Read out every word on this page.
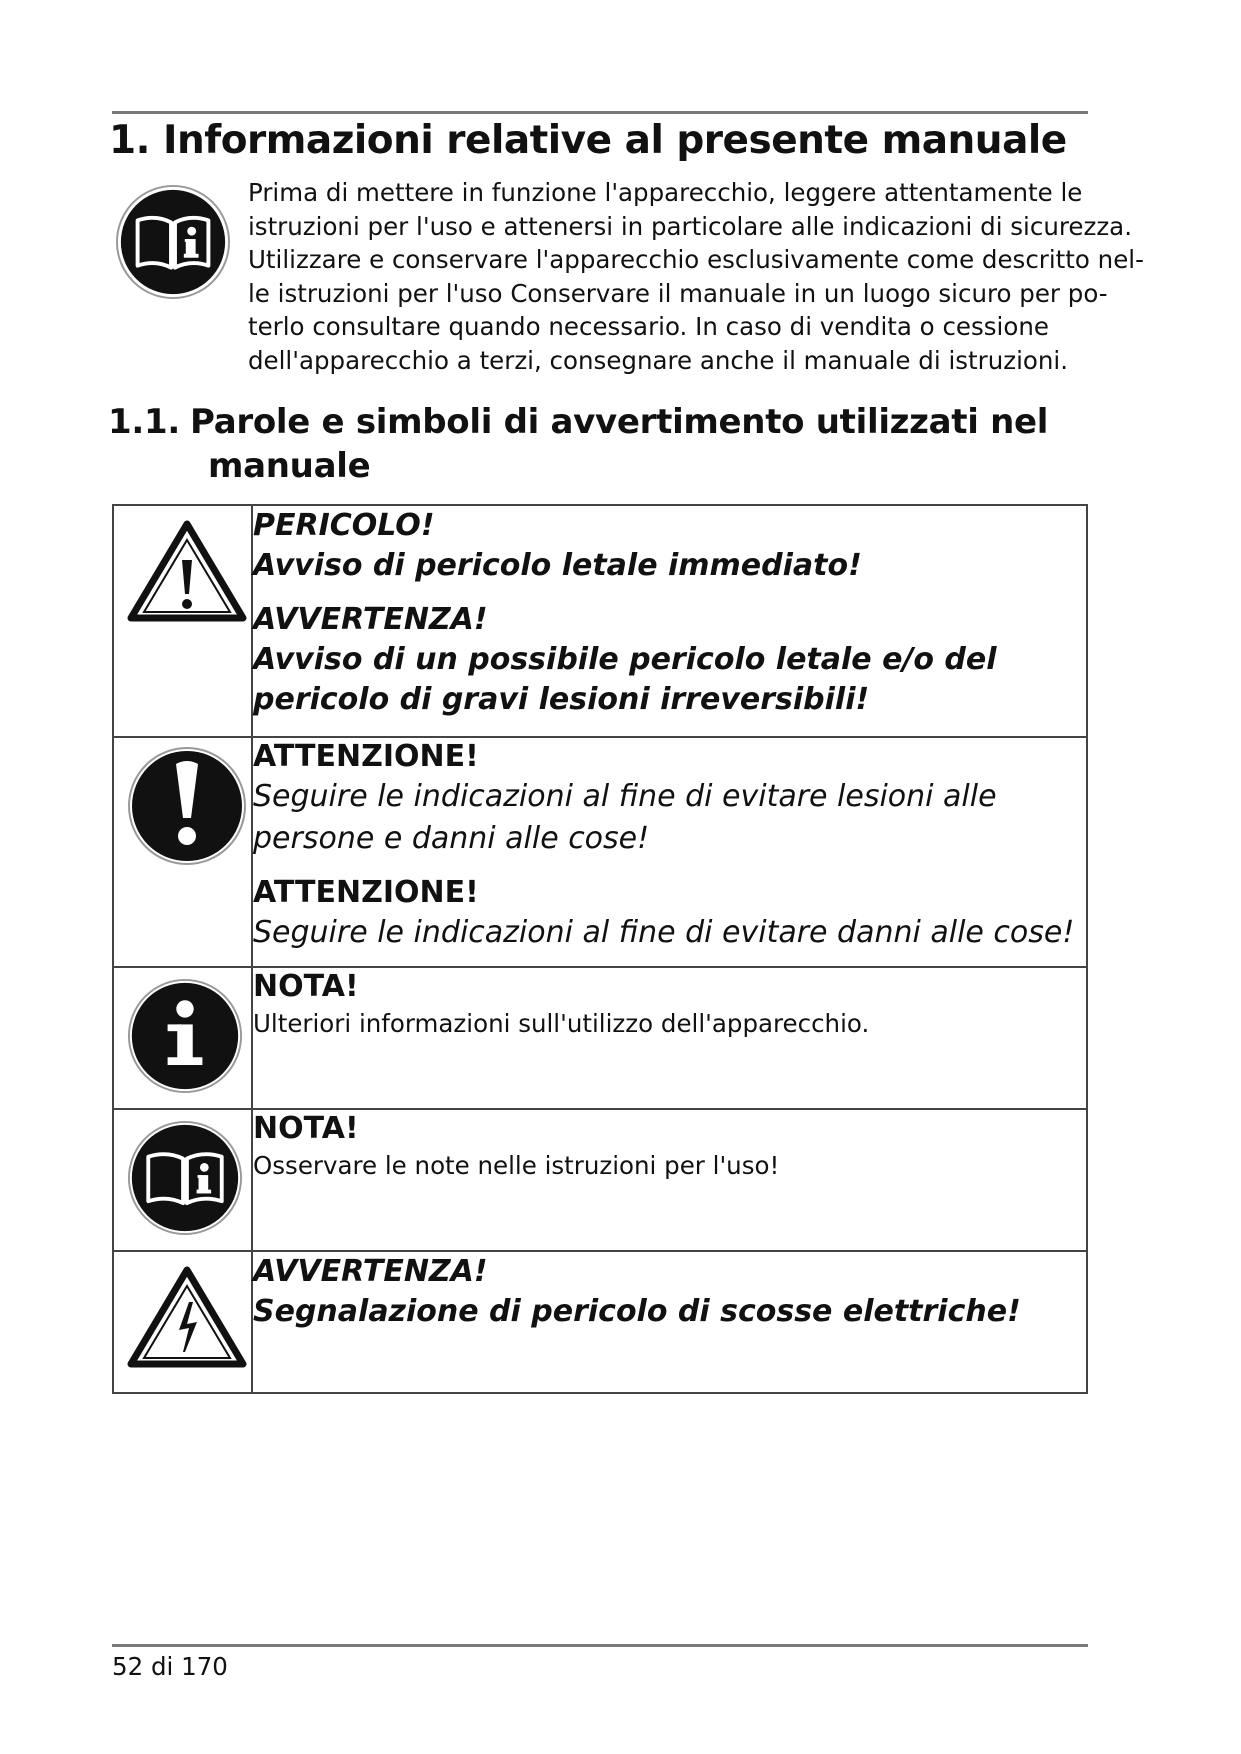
1. Informazioni relative al presente manuale

Prima di mettere in funzione l'apparecchio, leggere attentamente le
istruzioni per l'uso e attenersi in particolare alle indicazioni di sicurezza.
Utilizzare e conservare l'apparecchio esclusivamente come descritto nel-
le istruzioni per l'uso Conservare il manuale in un luogo sicuro per po-
terlo consultare quando necessario. In caso di vendita o cessione
dell'apparecchio a terzi, consegnare anche il manuale di istruzioni.

1.1. Parole e simboli di avvertimento utilizzati nel
manuale

PERICOLO!
Avviso di pericolo letale immediato!
AVVERTENZA!
Avviso di un possibile pericolo letale e/o del pericolo di gravi lesioni irreversibili!

ATTENZIONE!
Seguire le indicazioni al fine di evitare lesioni alle persone e danni alle cose!
ATTENZIONE!
Seguire le indicazioni al fine di evitare danni alle cose!

NOTA!
Ulteriori informazioni sull'utilizzo dell'apparecchio.

NOTA!
Osservare le note nelle istruzioni per l'uso!

AVVERTENZA!
Segnalazione di pericolo di scosse elettriche!

52 di 170
